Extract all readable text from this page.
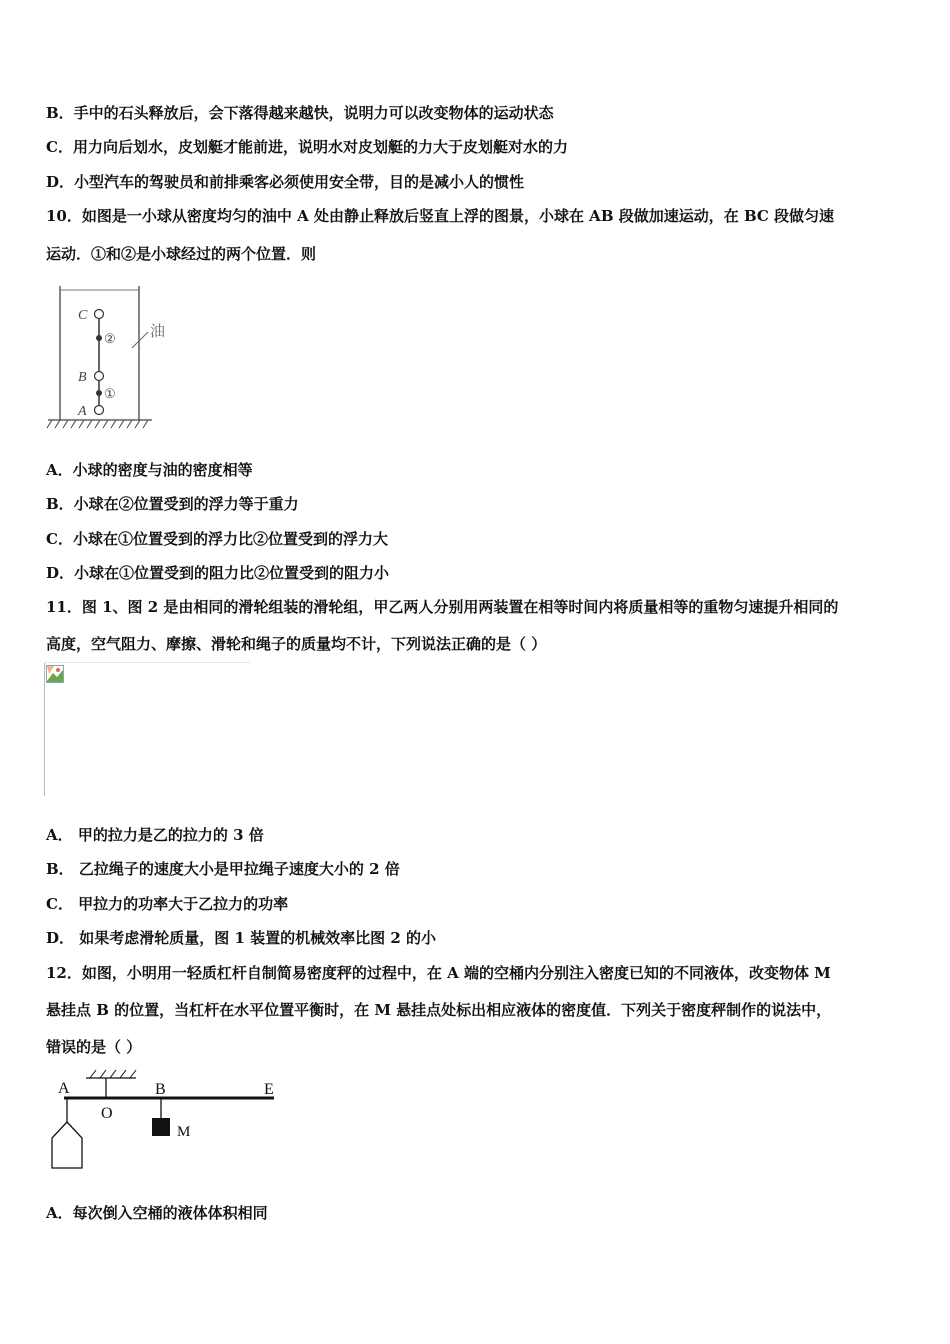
B．手中的石头释放后，会下落得越来越快，说明力可以改变物体的运动状态
C．用力向后划水，皮划艇才能前进，说明水对皮划艇的力大于皮划艇对水的力
D．小型汽车的驾驶员和前排乘客必须使用安全带，目的是减小人的惯性
10．如图是一小球从密度均匀的油中 A 处由静止释放后竖直上浮的图景，小球在 AB 段做加速运动，在 BC 段做匀速
运动．①和②是小球经过的两个位置．则
C
B
A
②
①
油
A．小球的密度与油的密度相等
B．小球在②位置受到的浮力等于重力
C．小球在①位置受到的浮力比②位置受到的浮力大
D．小球在①位置受到的阻力比②位置受到的阻力小
11．图 1、图 2 是由相同的滑轮组装的滑轮组，甲乙两人分别用两装置在相等时间内将质量相等的重物匀速提升相同的
高度，空气阻力、摩擦、滑轮和绳子的质量均不计，下列说法正确的是（ ）
A． 甲的拉力是乙的拉力的 3 倍
B． 乙拉绳子的速度大小是甲拉绳子速度大小的 2 倍
C． 甲拉力的功率大于乙拉力的功率
D． 如果考虑滑轮质量，图 1 装置的机械效率比图 2 的小
12．如图，小明用一轻质杠杆自制简易密度秤的过程中，在 A 端的空桶内分别注入密度已知的不同液体，改变物体 M
悬挂点 B 的位置，当杠杆在水平位置平衡时，在 M 悬挂点处标出相应液体的密度值．下列关于密度秤制作的说法中，
错误的是（ ）
A
O
B	E
M
A．每次倒入空桶的液体体积相同
